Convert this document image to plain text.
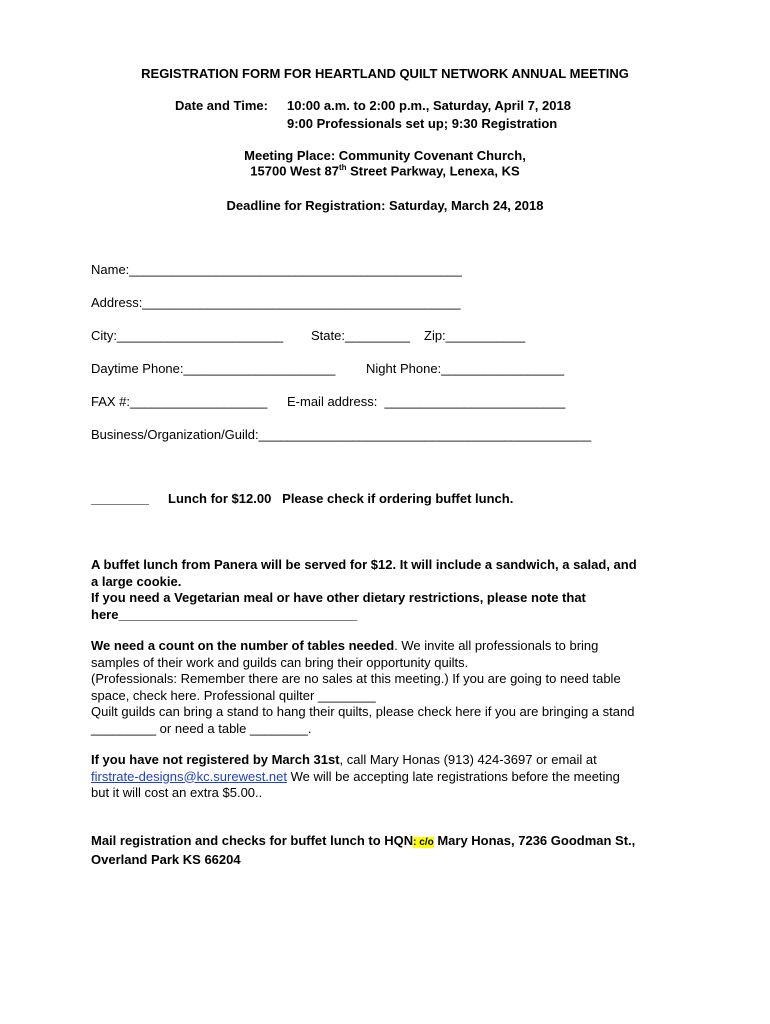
REGISTRATION FORM FOR HEARTLAND QUILT NETWORK ANNUAL MEETING
Date and Time: 10:00 a.m. to 2:00 p.m., Saturday, April 7, 2018
9:00 Professionals set up; 9:30 Registration
Meeting Place: Community Covenant Church,
15700 West 87th Street Parkway, Lenexa, KS
Deadline for Registration: Saturday, March 24, 2018
Name:______________________________________________
Address:____________________________________________
City:_______________________ State:_________ Zip:___________
Daytime Phone:_____________________ Night Phone:_________________
FAX #:___________________ E-mail address:  _________________________
Business/Organization/Guild:______________________________________________
________ Lunch for $12.00   Please check if ordering buffet lunch.
A buffet lunch from Panera will be served for $12. It will include a sandwich, a salad, and
a large cookie.
If you need a Vegetarian meal or have other dietary restrictions, please note that
here_________________________________
We need a count on the number of tables needed. We invite all professionals to bring
samples of their work and guilds can bring their opportunity quilts.
(Professionals: Remember there are no sales at this meeting.) If you are going to need table
space, check here. Professional quilter ________
Quilt guilds can bring a stand to hang their quilts, please check here if you are bringing a stand
_________ or need a table ________.
If you have not registered by March 31st, call Mary Honas (913) 424-3697 or email at
firstrate-designs@kc.surewest.net We will be accepting late registrations before the meeting
but it will cost an extra $5.00..
Mail registration and checks for buffet lunch to HQN: c/o Mary Honas, 7236 Goodman St.,
Overland Park KS 66204
